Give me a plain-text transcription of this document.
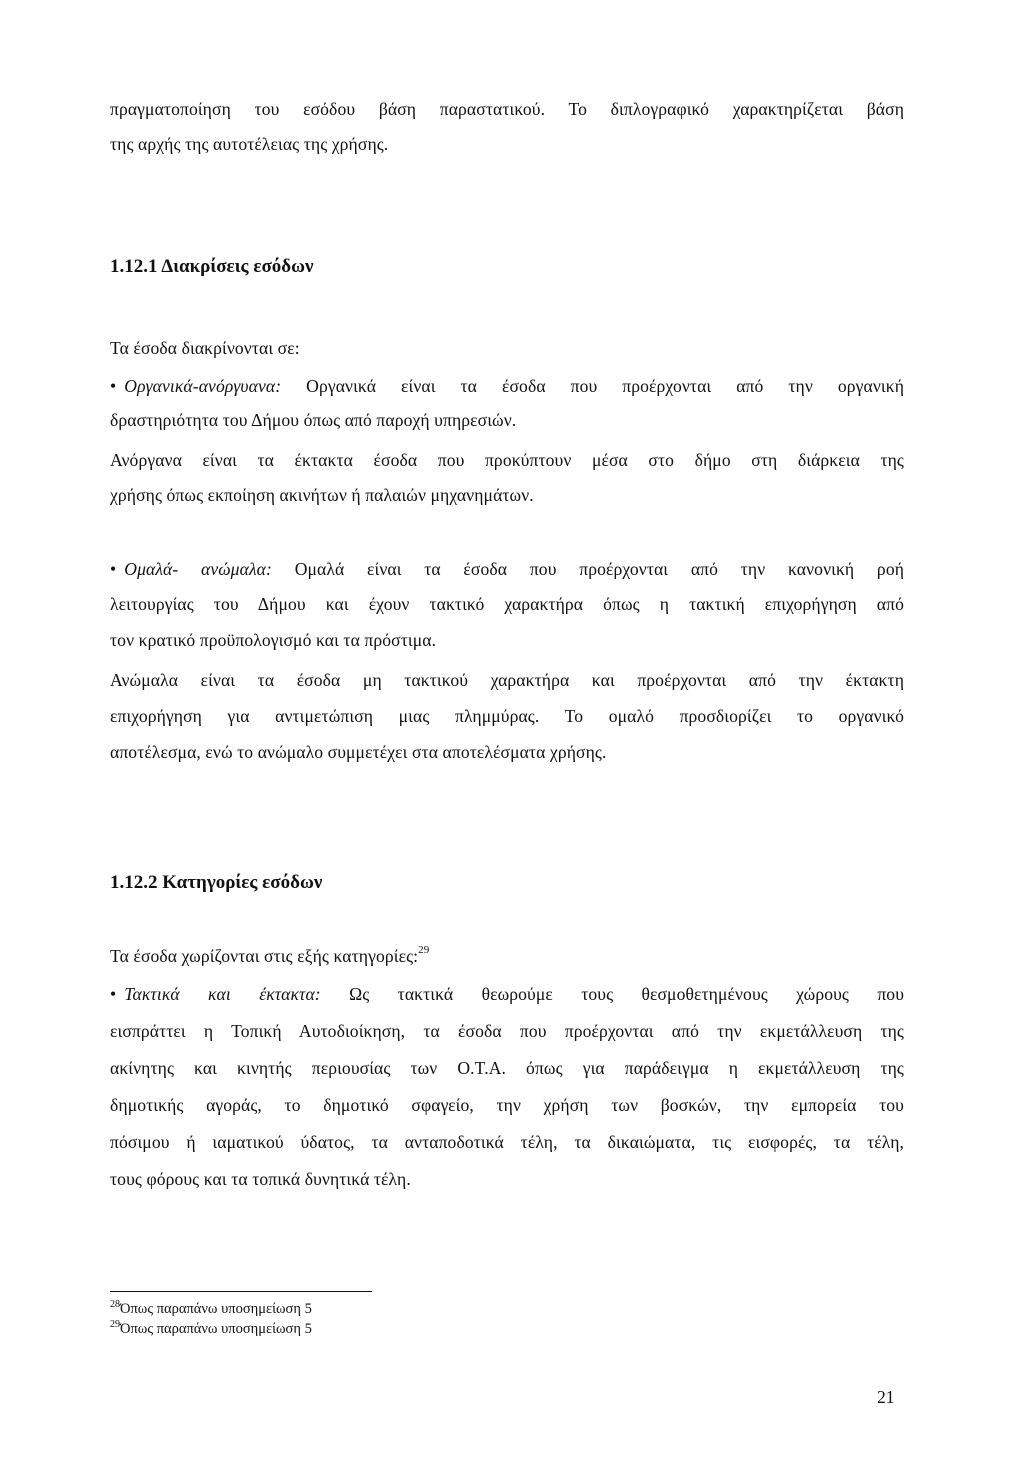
πραγματοποίηση του εσόδου βάση παραστατικού. Το διπλογραφικό χαρακτηρίζεται βάση
της αρχής της αυτοτέλειας της χρήσης.
1.12.1 Διακρίσεις εσόδων
Τα έσοδα διακρίνονται σε:
• Οργανικά-ανόργυανα: Οργανικά είναι τα έσοδα που προέρχονται από την οργανική
δραστηριότητα του Δήμου όπως από παροχή υπηρεσιών.
Ανόργανα είναι τα έκτακτα έσοδα που προκύπτουν μέσα στο δήμο στη διάρκεια της
χρήσης όπως εκποίηση ακινήτων ή παλαιών μηχανημάτων.
• Ομαλά- ανώμαλα: Ομαλά είναι τα έσοδα που προέρχονται από την κανονική ροή
λειτουργίας του Δήμου και έχουν τακτικό χαρακτήρα όπως η τακτική επιχορήγηση από
τον κρατικό προϋπολογισμό και τα πρόστιμα.
Ανώμαλα είναι τα έσοδα μη τακτικού χαρακτήρα και προέρχονται από την έκτακτη
επιχορήγηση για αντιμετώπιση μιας πλημμύρας. Το ομαλό προσδιορίζει το οργανικό
αποτέλεσμα, ενώ το ανώμαλο συμμετέχει στα αποτελέσματα χρήσης.
1.12.2 Κατηγορίες εσόδων
Τα έσοδα χωρίζονται στις εξής κατηγορίες:$^{29}$
• Τακτικά και έκτακτα: Ως τακτικά θεωρούμε τους θεσμοθετημένους χώρους που
εισπράττει η Τοπική Αυτοδιοίκηση, τα έσοδα που προέρχονται από την εκμετάλλευση της
ακίνητης και κινητής περιουσίας των Ο.Τ.Α. όπως για παράδειγμα η εκμετάλλευση της
δημοτικής αγοράς, το δημοτικό σφαγείο, την χρήση των βοσκών, την εμπορεία του
πόσιμου ή ιαματικού ύδατος, τα ανταποδοτικά τέλη, τα δικαιώματα, τις εισφορές, τα τέλη,
τους φόρους και τα τοπικά δυνητικά τέλη.
$^{28}$Όπως παραπάνω υποσημείωση 5
$^{29}$Όπως παραπάνω υποσημείωση 5
21
